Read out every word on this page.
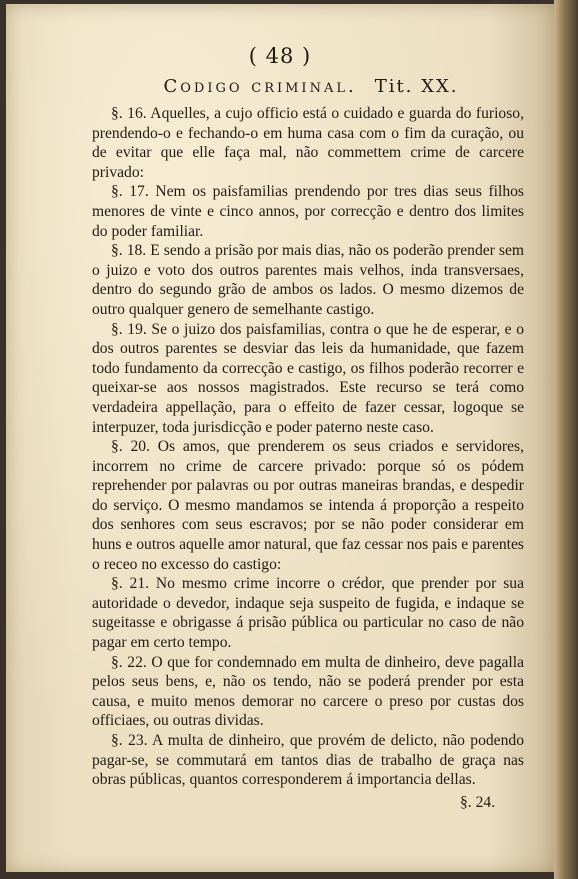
( 48 )
Codigo criminal. Tit. XX.

§. 16. Aquelles, a cujo officio está o cuidado e guarda do furioso, prendendo-o e fechando-o em huma casa com o fim da curação, ou de evitar que elle faça mal, não commettem crime de carcere privado:

§. 17. Nem os paisfamilias prendendo por tres dias seus filhos menores de vinte e cinco annos, por correcção e dentro dos limites do poder familiar.

§. 18. E sendo a prisão por mais dias, não os poderão prender sem o juizo e voto dos outros parentes mais velhos, inda transversaes, dentro do segundo grão de ambos os lados. O mesmo dizemos de outro qualquer genero de semelhante castigo.

§. 19. Se o juizo dos paisfamilias, contra o que he de esperar, e o dos outros parentes se desviar das leis da humanidade, que fazem todo fundamento da correcção e castigo, os filhos poderão recorrer e queixar-se aos nossos magistrados. Este recurso se terá como verdadeira appellação, para o effeito de fazer cessar, logoque se interpuzer, toda jurisdicção e poder paterno neste caso.

§. 20. Os amos, que prenderem os seus criados e servidores, incorrem no crime de carcere privado: porque só os pódem reprehender por palavras ou por outras maneiras brandas, e despedir do serviço. O mesmo mandamos se intenda á proporção a respeito dos senhores com seus escravos; por se não poder considerar em huns e outros aquelle amor natural, que faz cessar nos pais e parentes o receo no excesso do castigo:

§. 21. No mesmo crime incorre o crédor, que prender por sua autoridade o devedor, indaque seja suspeito de fugida, e indaque se sugeitasse e obrigasse á prisão pública ou particular no caso de não pagar em certo tempo.

§. 22. O que for condemnado em multa de dinheiro, deve pagalla pelos seus bens, e, não os tendo, não se poderá prender por esta causa, e muito menos demorar no carcere o preso por custas dos officiaes, ou outras dividas.

§. 23. A multa de dinheiro, que provém de delicto, não podendo pagar-se, se commutará em tantos dias de trabalho de graça nas obras públicas, quantos corresponderem á importancia dellas.

§. 24.
